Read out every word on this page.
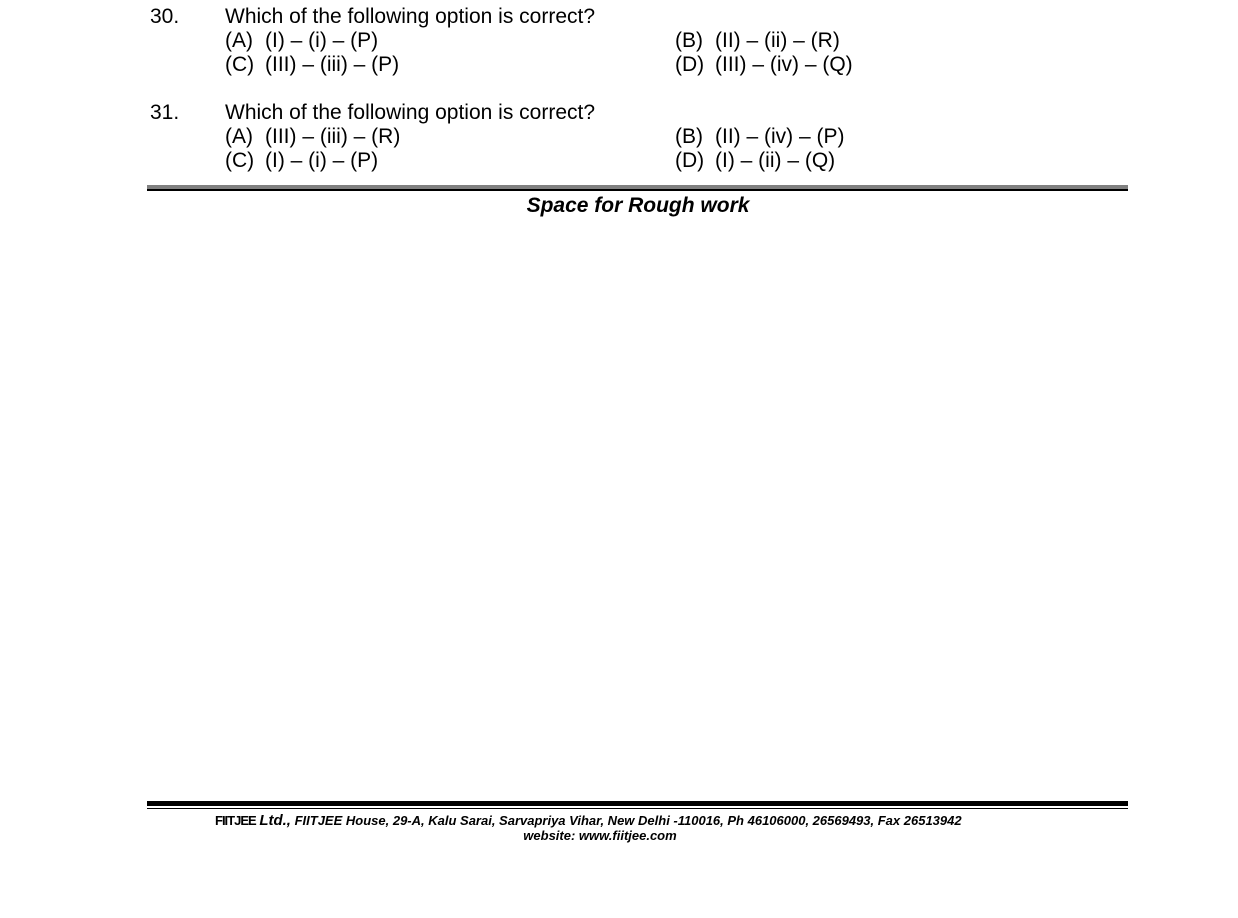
30. Which of the following option is correct?
(A) (I) – (i) – (P)	(B) (II) – (ii) – (R)
(C) (III) – (iii) – (P)	(D) (III) – (iv) – (Q)
31. Which of the following option is correct?
(A) (III) – (iii) – (R)	(B) (II) – (iv) – (P)
(C) (I) – (i) – (P)	(D) (I) – (ii) – (Q)
Space for Rough work
FIITJEE Ltd., FIITJEE House, 29-A, Kalu Sarai, Sarvapriya Vihar, New Delhi -110016, Ph 46106000, 26569493, Fax 26513942
website: www.fiitjee.com
